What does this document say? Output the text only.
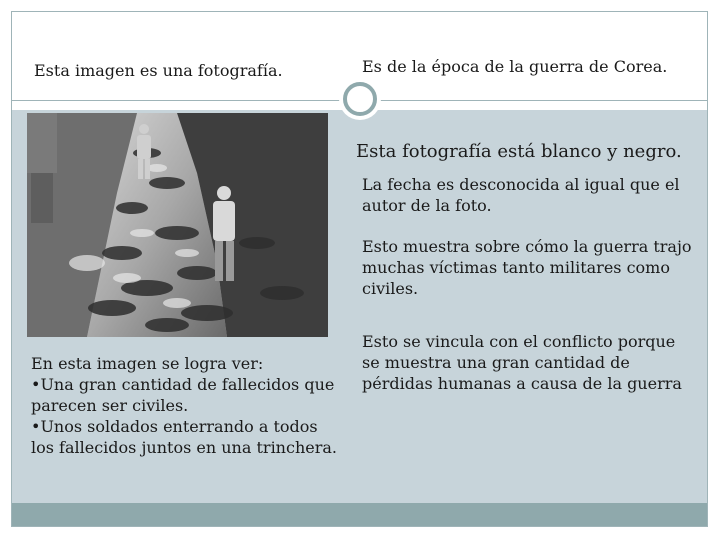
Esta imagen es una fotografía.	Es de la época de la guerra de Corea.

Esta fotografía está blanco y negro.

La fecha es desconocida al igual que el autor de la foto.

Esto muestra sobre cómo la guerra trajo muchas víctimas tanto militares como civiles.

Esto se vincula con el conflicto porque se muestra una gran cantidad de pérdidas humanas a causa de la guerra

En esta imagen se logra ver:
•Una gran cantidad de fallecidos que parecen ser civiles.
•Unos soldados enterrando a todos los fallecidos juntos en una trinchera.
